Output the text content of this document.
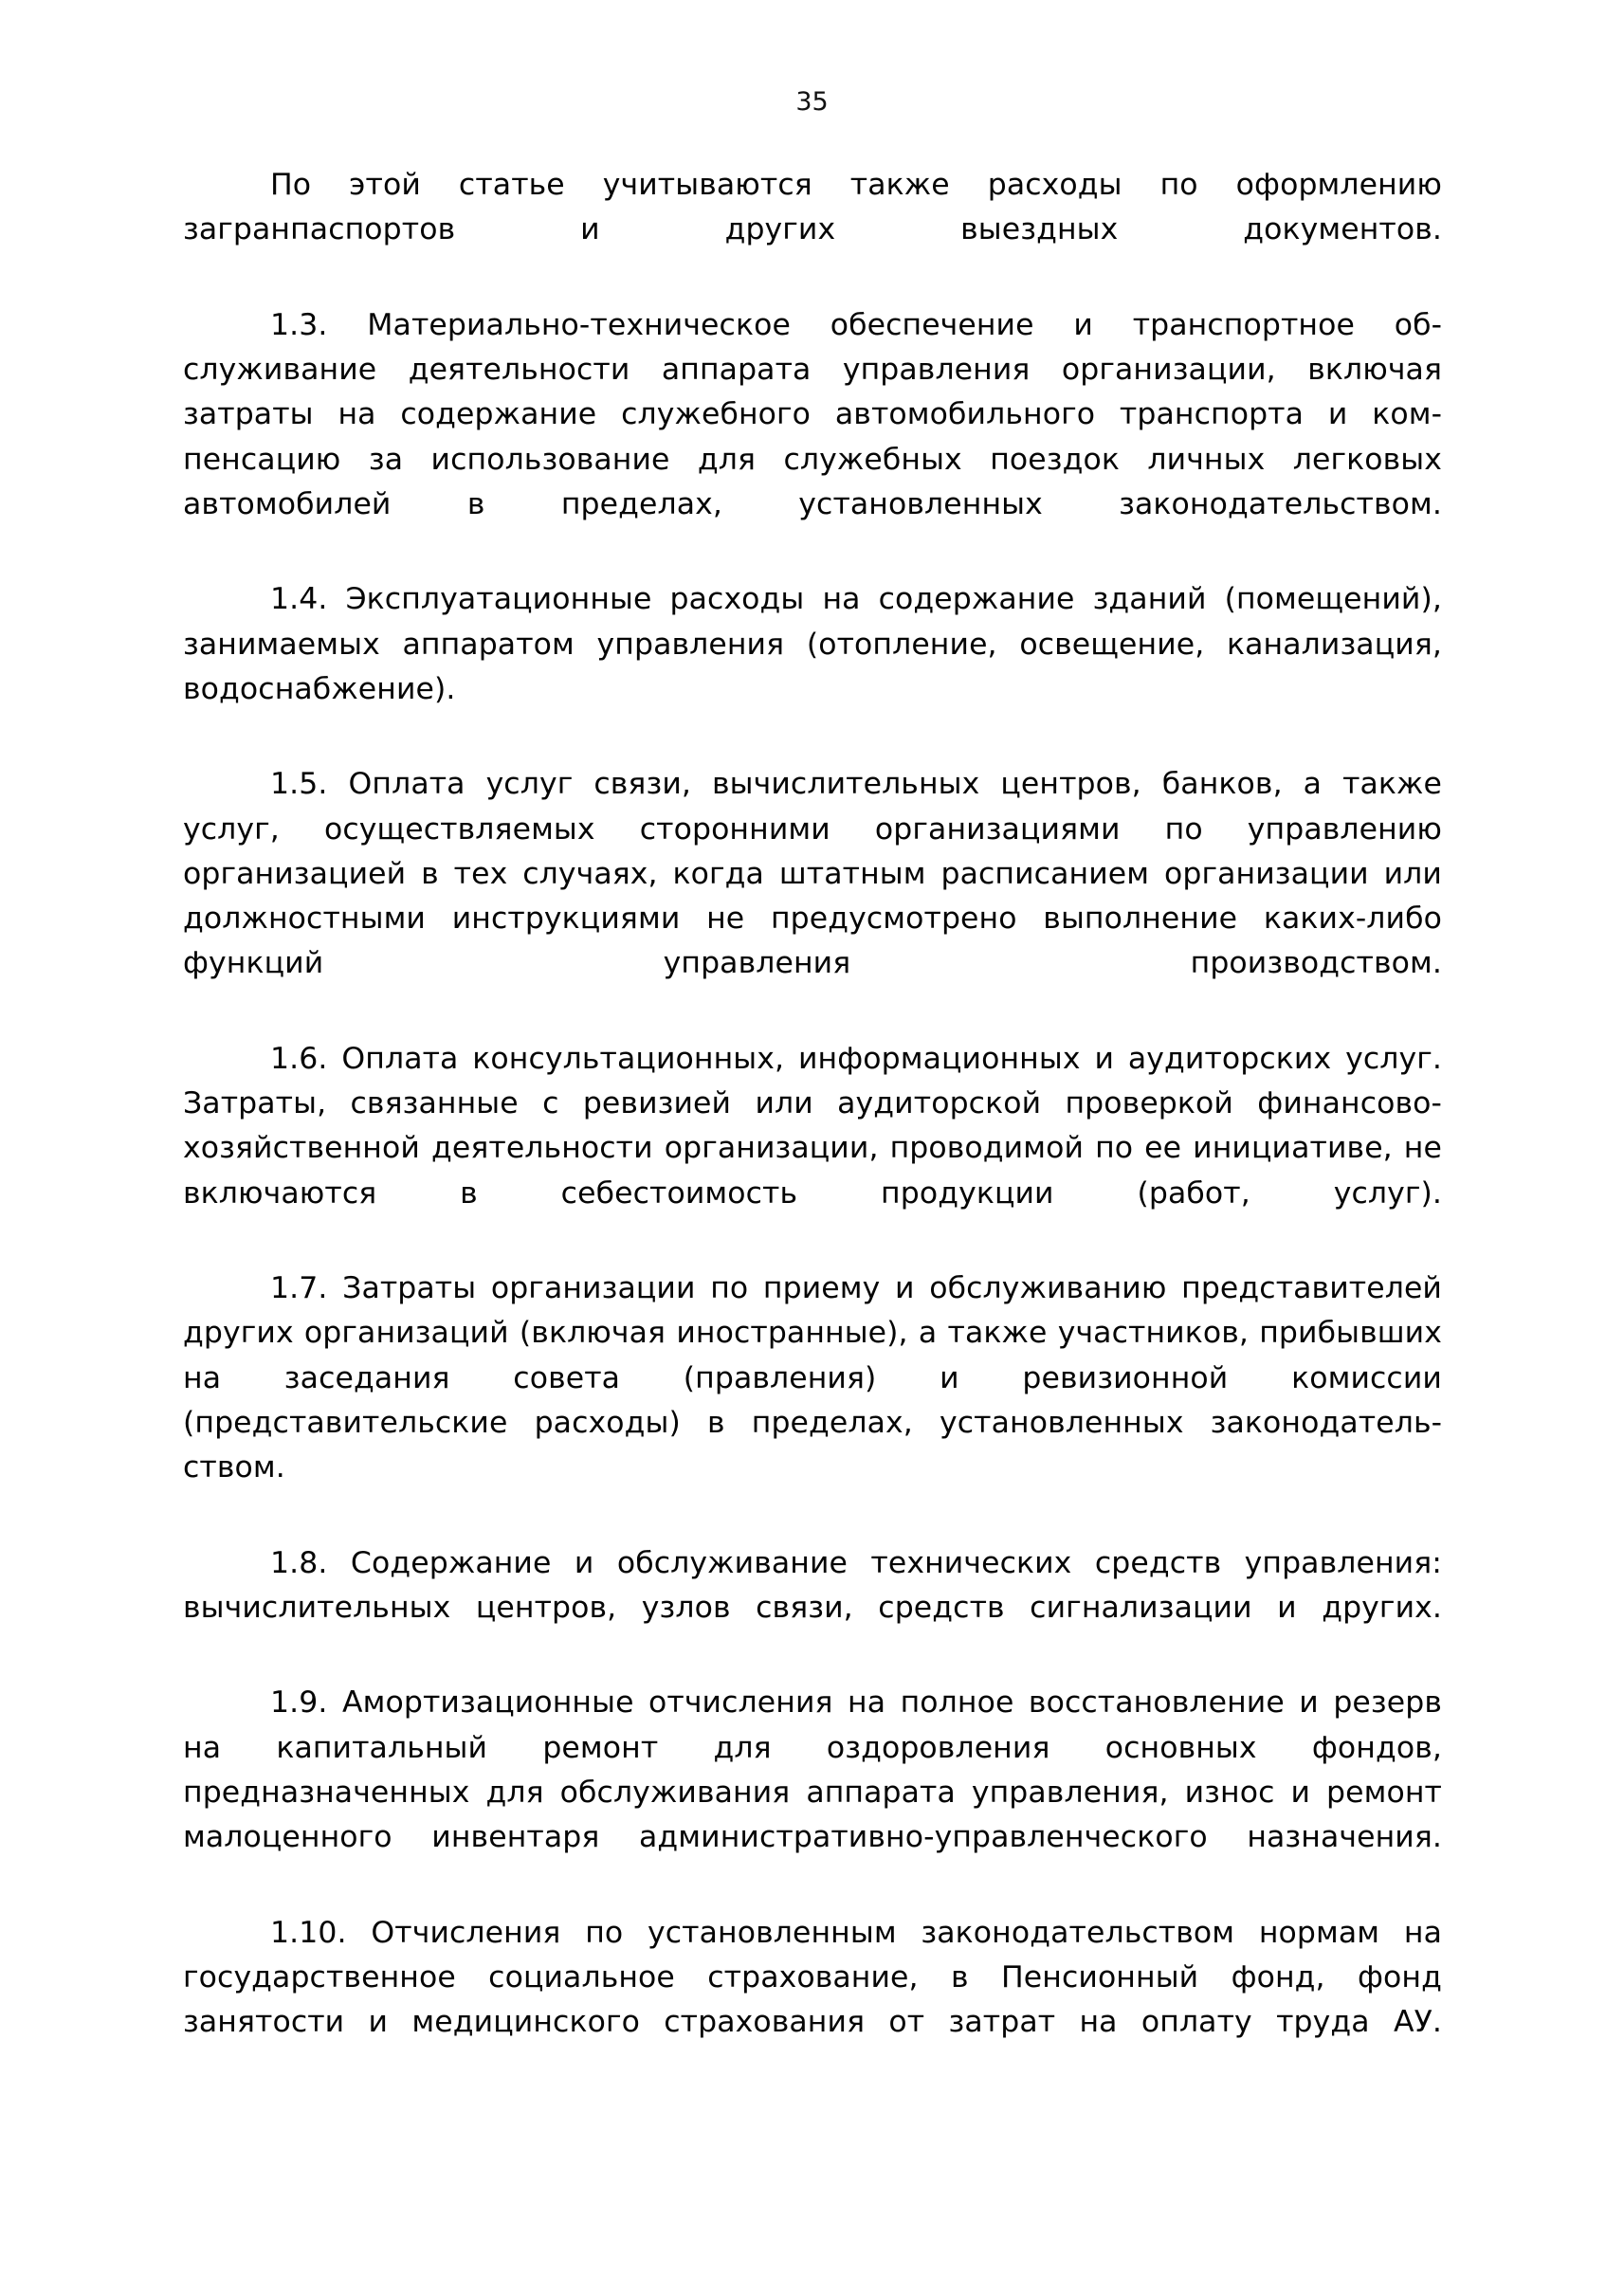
35

По этой статье учитываются также расходы по оформлению загранпаспортов и других выездных документов.

1.3. Материально-техническое обеспечение и транспортное обслуживание деятельности аппарата управления организации, включая затраты на содержание служебного автомобильного транспорта и компенсацию за использование для служебных поездок личных легковых автомобилей в пределах, установленных законодательством.

1.4. Эксплуатационные расходы на содержание зданий (помещений), занимаемых аппаратом управления (отопление, освещение, канализация, водоснабжение).

1.5. Оплата услуг связи, вычислительных центров, банков, а также услуг, осуществляемых сторонними организациями по управлению организацией в тех случаях, когда штатным расписанием организации или должностными инструкциями не предусмотрено выполнение каких-либо функций управления производством.

1.6. Оплата консультационных, информационных и аудиторских услуг. Затраты, связанные с ревизией или аудиторской проверкой финансово-хозяйственной деятельности организации, проводимой по ее инициативе, не включаются в себестоимость продукции (работ, услуг).

1.7. Затраты организации по приему и обслуживанию представителей других организаций (включая иностранные), а также участников, прибывших на заседания совета (правления) и ревизионной комиссии (представительские расходы) в пределах, установленных законодательством.

1.8. Содержание и обслуживание технических средств управления: вычислительных центров, узлов связи, средств сигнализации и других.

1.9. Амортизационные отчисления на полное восстановление и резерв на капитальный ремонт для оздоровления основных фондов, предназначенных для обслуживания аппарата управления, износ и ремонт малоценного инвентаря административно-управленческого назначения.

1.10. Отчисления по установленным законодательством нормам на государственное социальное страхование, в Пенсионный фонд, фонд занятости и медицинского страхования от затрат на оплату труда АУ.
